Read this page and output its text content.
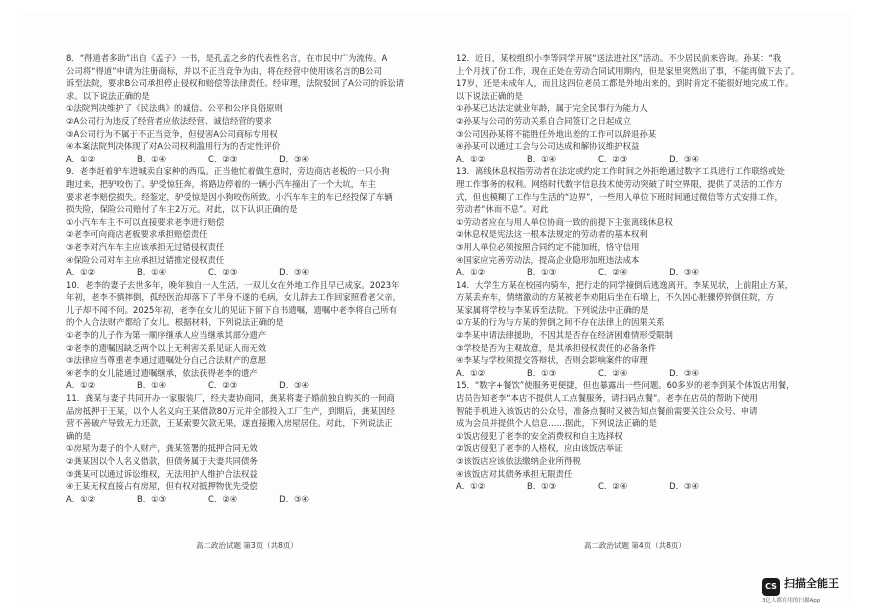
8．“得道者多助”出自《孟子》一书，是孔孟之乡的代表性名言，在市民中广为流传。A
公司将“得道”申请为注册商标，并以不正当竞争为由，将在经营中使用该名言的B公司
诉至法院，要求B公司承担停止侵权和赔偿等法律责任。经审理，法院驳回了A公司的诉讼请
求。以下说法正确的是
①法院判决维护了《民法典》的诚信、公平和公序良俗原则
②A公司行为违反了经营者应依法经营、诚信经营的要求
③A公司行为不属于不正当竞争，但侵害A公司商标专用权
④本案法院判决体现了对A公司权利滥用行为的否定性评价
A．①②　　　　　B．①④　　　　　C．②③　　　　　D．③④
9．老李赶着驴车进城卖自家种的西瓜。正当他忙着做生意时，旁边商店老板的一只小狗
跑过来，把驴咬伤了。驴受惊狂奔，将路边停着的一辆小汽车撞出了一个大坑，车主
要求老李赔偿损失。经鉴定，驴受惊是因小狗咬伤所致。小汽车车主的车已经投保了车辆
损失险，保险公司赔付了车主2万元。对此，以下认识正确的是
①小汽车车主不可以直接要求老李进行赔偿
②老李可向商店老板要求承担赔偿责任
③老李对汽车车主应该承担无过错侵权责任
④保险公司对车主应承担过错推定侵权责任
A．①②　　　　　B．①④　　　　　C．②③　　　　　D．③④
10．老李的妻子去世多年，晚年独自一人生活，一双儿女在外地工作且早已成家。2023年
年初，老李不慎摔倒，孤经医治却落下了半身不遂的毛病，女儿辞去工作回家照看老父亲，
儿子却不闻不问。2025年初，老李在女儿的见证下留下自书遗嘱，遗嘱中老李将自己所有
的个人合法财产都给了女儿。根据材料，下列说法正确的是
①老李的儿子作为第一顺序继承人应当继承其部分遗产
②老李的遗嘱因缺乏两个以上无利害关系见证人而无效
③法律应当尊重老李通过遗嘱处分自己合法财产的意愿
④老李的女儿能通过遗嘱继承，依法获得老李的遗产
A．①②　　　　　B．①④　　　　　C．②③　　　　　D．③④
11．龚某与妻子共同开办一家服装厂，经夫妻协商同，龚某将妻子婚前独自购买的一间商
品房抵押于王某，以个人名义向王某借款80万元并全部投入工厂生产，到期后，龚某因经
营不善破产导致无力还款，王某索要欠款无果，遂直接搬入房屋居住。对此，下列说法正
确的是
①房屋为妻子的个人财产，龚某签署的抵押合同无效
②龚某因以个人名义借款，但债务属于夫妻共同债务
③龚某可以通过诉讼维权，无法用护人维护合法权益
④王某无权直接占有房屋，但有权对抵押物优先受偿
A．①②　　　　　B．①③　　　　　C．②④　　　　　D．③④
12．近日，某校组织小李等同学开展“送法进社区”活动。不少居民前来咨询。孙某：“我
上个月找了份工作，现在正处在劳动合同试用期内，但是家里突然出了事，不能再做下去了。
17岁，还是未成年人，而且这四位老员工都是外地出来的，到时肯定不能很好地完成工作。
以下说法正确的是
①孙某已达法定就业年龄，属于完全民事行为能力人
②孙某与公司的劳动关系自合同签订之日起成立
③公司因孙某将不能胜任外地出差的工作可以辞退孙某
④孙某可以通过工会与公司达成和解协议维护权益
A．①②　　　　　B．①④　　　　　C．②③　　　　　D．③④
13．离线休息权指劳动者在法定或约定工作时间之外拒绝通过数字工具进行工作联络或处
理工作事务的权利。网络时代数字信息技术使劳动突破了时空界限，提供了灵活的工作方
式，但也模糊了工作与生活的“边界”，一些用人单位下班时间通过微信等方式安排工作，
劳动者“休而不息”。对此
①劳动者应在与用人单位协商一致的前提下主张离线休息权
②休息权是宪法这一根本法规定的劳动者的基本权利
③用人单位必须按照合同约定不能加班，恪守信用
④国家应完善劳动法，提高企业隐形加班违法成本
A．①②　　　　　B．①③　　　　　C．②④　　　　　D．③④
14．大学生方某在校园内骑车，把行走的同学撞倒后逃逸离开。李某见状，上前阻止方某，
方某丢弃车，情绪激动的方某被老李劝阻后坐在石墩上，不久因心脏骤停猝倒住院，方
某家属将学校与李某诉至法院。下列说法中正确的是
①方某的行为与方某的猝倒之间不存在法律上的因果关系
②李某申请法律援助，不因其是否存在经济困难情形受限制
③学校是否为主观故意，是其承担侵权责任的必备条件
④李某与学校须提交答辩状，否则会影响案件的审理
A．①②　　　　　B．①③　　　　　C．②④　　　　　D．③④
15．“数字+餐饮”使服务更便捷，但也暴露出一些问题。60多岁的老李到某个体饭店用餐，
店员告知老李“本店不提供人工点餐服务，请扫码点餐”。老李在店员的帮助下使用
智能手机进入该饭店的公众号，准备点餐时又被告知点餐前需要关注公众号、申请
成为会员并提供个人信息……据此，下列说法正确的是
①饭店侵犯了老李的安全消费权和自主选择权
②饭店侵犯了老李的人格权，应由该饭店举证
③该饭店应该依法缴纳企业所得税
④该饭店对其债务承担无限责任
A．①②　　　　　B．①③　　　　　C．②④　　　　　D．③④
高二政治试题 第3页（共8页）	高二政治试题 第4页（共8页）
CS 扫描全能王
3亿人都在用的扫描App
